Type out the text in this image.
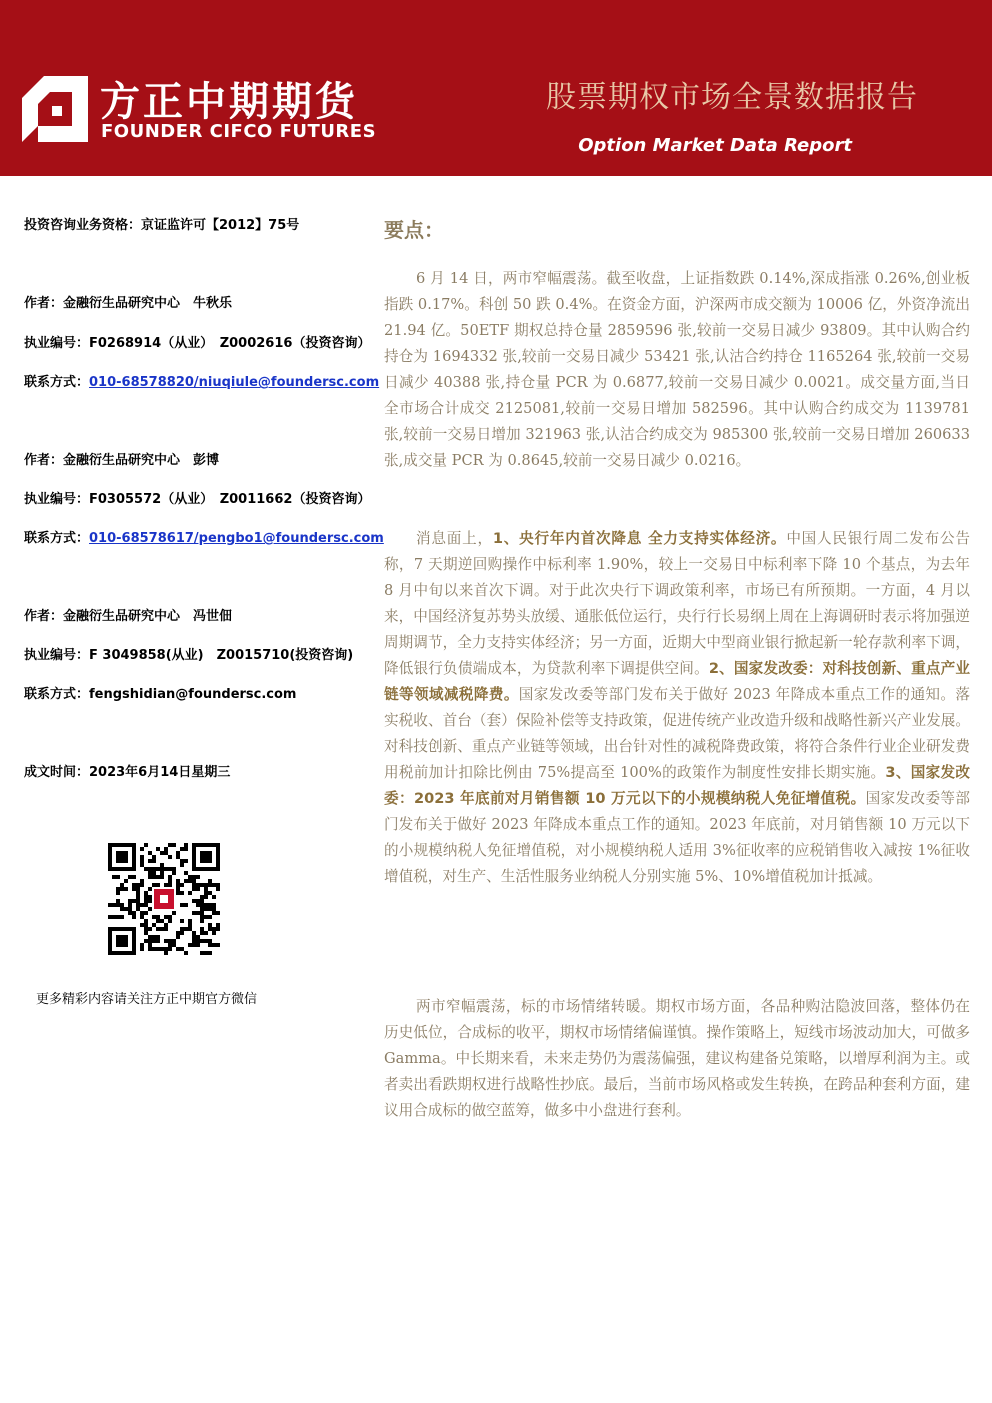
方正中期期货
FOUNDER CIFCO FUTURES
股票期权市场全景数据报告
Option Market Data Report
投资咨询业务资格：京证监许可【2012】75号
作者：金融衍生品研究中心　牛秋乐
执业编号：F0268914（从业）　Z0002616（投资咨询）
联系方式：010-68578820/niuqiule@foundersc.com
作者：金融衍生品研究中心　彭博
执业编号：F0305572（从业）　Z0011662（投资咨询）
联系方式：010-68578617/pengbo1@foundersc.com
作者：金融衍生品研究中心　冯世佃
执业编号：F 3049858(从业)　Z0015710(投资咨询)
联系方式：fengshidian@foundersc.com
成文时间：2023年6月14日星期三
更多精彩内容请关注方正中期官方微信
要点：

6 月 14 日，两市窄幅震荡。截至收盘，上证指数跌 0.14%,深成指涨 0.26%,创业板指跌 0.17%。科创 50 跌 0.4%。在资金方面，沪深两市成交额为 10006 亿，外资净流出 21.94 亿。50ETF 期权总持仓量 2859596 张,较前一交易日减少 93809。其中认购合约持仓为 1694332 张,较前一交易日减少 53421 张,认沽合约持仓 1165264 张,较前一交易日减少 40388 张,持仓量 PCR 为 0.6877,较前一交易日减少 0.0021。成交量方面,当日全市场合计成交 2125081,较前一交易日增加 582596。其中认购合约成交为 1139781 张,较前一交易日增加 321963 张,认沽合约成交为 985300 张,较前一交易日增加 260633 张,成交量 PCR 为 0.8645,较前一交易日减少 0.0216。

消息面上，1、央行年内首次降息 全力支持实体经济。中国人民银行周二发布公告称，7 天期逆回购操作中标利率 1.90%，较上一交易日中标利率下降 10 个基点，为去年 8 月中旬以来首次下调。对于此次央行下调政策利率，市场已有所预期。一方面，4 月以来，中国经济复苏势头放缓、通胀低位运行，央行行长易纲上周在上海调研时表示将加强逆周期调节，全力支持实体经济；另一方面，近期大中型商业银行掀起新一轮存款利率下调，降低银行负债端成本，为贷款利率下调提供空间。2、国家发改委：对科技创新、重点产业链等领域减税降费。国家发改委等部门发布关于做好 2023 年降成本重点工作的通知。落实税收、首台（套）保险补偿等支持政策，促进传统产业改造升级和战略性新兴产业发展。对科技创新、重点产业链等领域，出台针对性的减税降费政策，将符合条件行业企业研发费用税前加计扣除比例由 75%提高至 100%的政策作为制度性安排长期实施。3、国家发改委：2023 年底前对月销售额 10 万元以下的小规模纳税人免征增值税。国家发改委等部门发布关于做好 2023 年降成本重点工作的通知。2023 年底前，对月销售额 10 万元以下的小规模纳税人免征增值税，对小规模纳税人适用 3%征收率的应税销售收入减按 1%征收增值税，对生产、生活性服务业纳税人分别实施 5%、10%增值税加计抵减。

两市窄幅震荡，标的市场情绪转暖。期权市场方面，各品种购沽隐波回落，整体仍在历史低位，合成标的收平，期权市场情绪偏谨慎。操作策略上，短线市场波动加大，可做多 Gamma。中长期来看，未来走势仍为震荡偏强，建议构建备兑策略，以增厚利润为主。或者卖出看跌期权进行战略性抄底。最后，当前市场风格或发生转换，在跨品种套利方面，建议用合成标的做空蓝筹，做多中小盘进行套利。
